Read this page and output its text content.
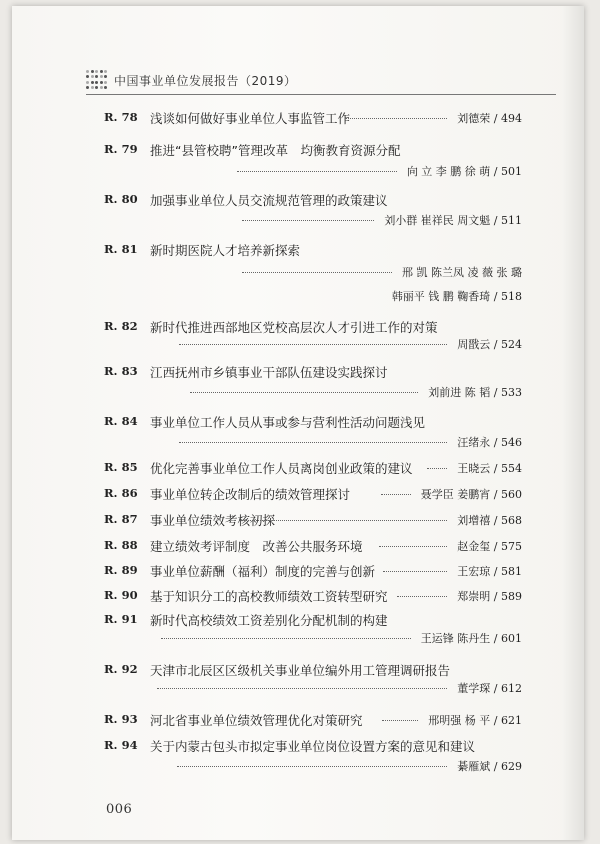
中国事业单位发展报告（2019）
R. 78 浅谈如何做好事业单位人事监管工作	刘德荣 / 494
R. 79 推进“县管校聘”管理改革　均衡教育资源分配
向 立 李 鹏 徐 萌 / 501
R. 80 加强事业单位人员交流规范管理的政策建议
刘小群 崔祥民 周文魁 / 511
R. 81 新时期医院人才培养新探索
邢 凯 陈兰凤 凌 薇 张 璐
韩丽平 钱 鹏 鞠香琦 / 518
R. 82 新时代推进西部地区党校高层次人才引进工作的对策
周戬云 / 524
R. 83 江西抚州市乡镇事业干部队伍建设实践探讨
刘前进 陈 韬 / 533
R. 84 事业单位工作人员从事或参与营利性活动问题浅见
汪绪永 / 546
R. 85 优化完善事业单位工作人员离岗创业政策的建议	王晓云 / 554
R. 86 事业单位转企改制后的绩效管理探讨	聂学臣 姜鹏宵 / 560
R. 87 事业单位绩效考核初探	刘增禧 / 568
R. 88 建立绩效考评制度　改善公共服务环境	赵金玺 / 575
R. 89 事业单位薪酬（福利）制度的完善与创新	王宏琼 / 581
R. 90 基于知识分工的高校教师绩效工资转型研究	郑崇明 / 589
R. 91 新时代高校绩效工资差别化分配机制的构建
王运锋 陈丹生 / 601
R. 92 天津市北辰区区级机关事业单位编外用工管理调研报告
董学琛 / 612
R. 93 河北省事业单位绩效管理优化对策研究	邢明强 杨 平 / 621
R. 94 关于内蒙古包头市拟定事业单位岗位设置方案的意见和建议
綦雁斌 / 629
006
